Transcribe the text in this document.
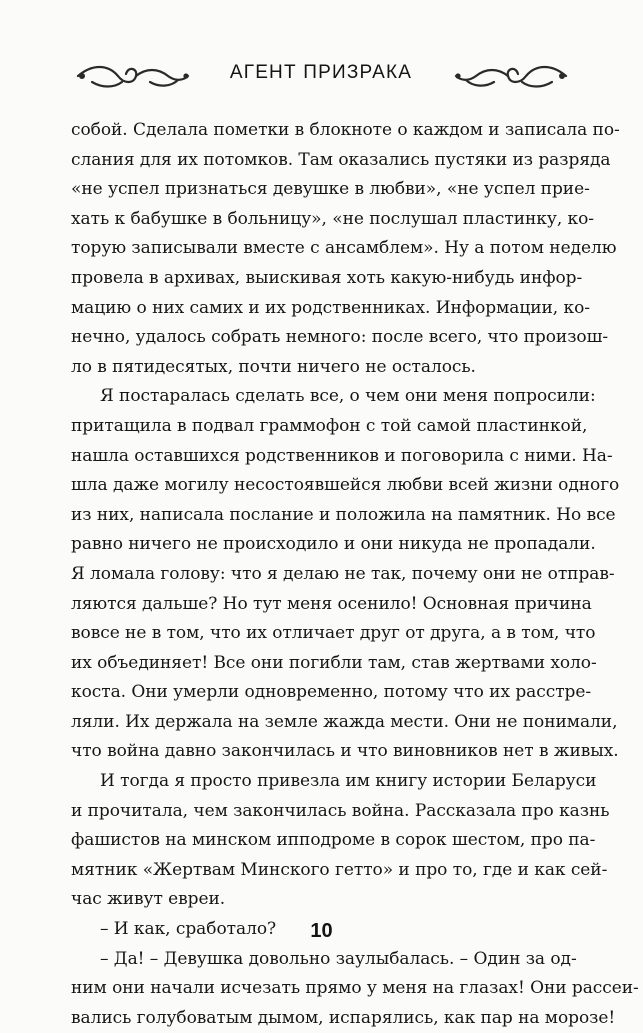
АГЕНТ ПРИЗРАКА
собой. Сделала пометки в блокноте о каждом и записала по-
слания для их потомков. Там оказались пустяки из разряда
«не успел признаться девушке в любви», «не успел прие-
хать к бабушке в больницу», «не послушал пластинку, ко-
торую записывали вместе с ансамблем». Ну а потом неделю
провела в архивах, выискивая хоть какую-нибудь инфор-
мацию о них самих и их родственниках. Информации, ко-
нечно, удалось собрать немного: после всего, что произош-
ло в пятидесятых, почти ничего не осталось.
Я постаралась сделать все, о чем они меня попросили:
притащила в подвал граммофон с той самой пластинкой,
нашла оставшихся родственников и поговорила с ними. На-
шла даже могилу несостоявшейся любви всей жизни одного
из них, написала послание и положила на памятник. Но все
равно ничего не происходило и они никуда не пропадали.
Я ломала голову: что я делаю не так, почему они не отправ-
ляются дальше? Но тут меня осенило! Основная причина
вовсе не в том, что их отличает друг от друга, а в том, что
их объединяет! Все они погибли там, став жертвами холо-
коста. Они умерли одновременно, потому что их расстре-
ляли. Их держала на земле жажда мести. Они не понимали,
что война давно закончилась и что виновников нет в живых.
И тогда я просто привезла им книгу истории Беларуси
и прочитала, чем закончилась война. Рассказала про казнь
фашистов на минском ипподроме в сорок шестом, про па-
мятник «Жертвам Минского гетто» и про то, где и как сей-
час живут евреи.
– И как, сработало?
– Да! – Девушка довольно заулыбалась. – Один за од-
ним они начали исчезать прямо у меня на глазах! Они рассеи-
вались голубоватым дымом, испарялись, как пар на морозе!
10
